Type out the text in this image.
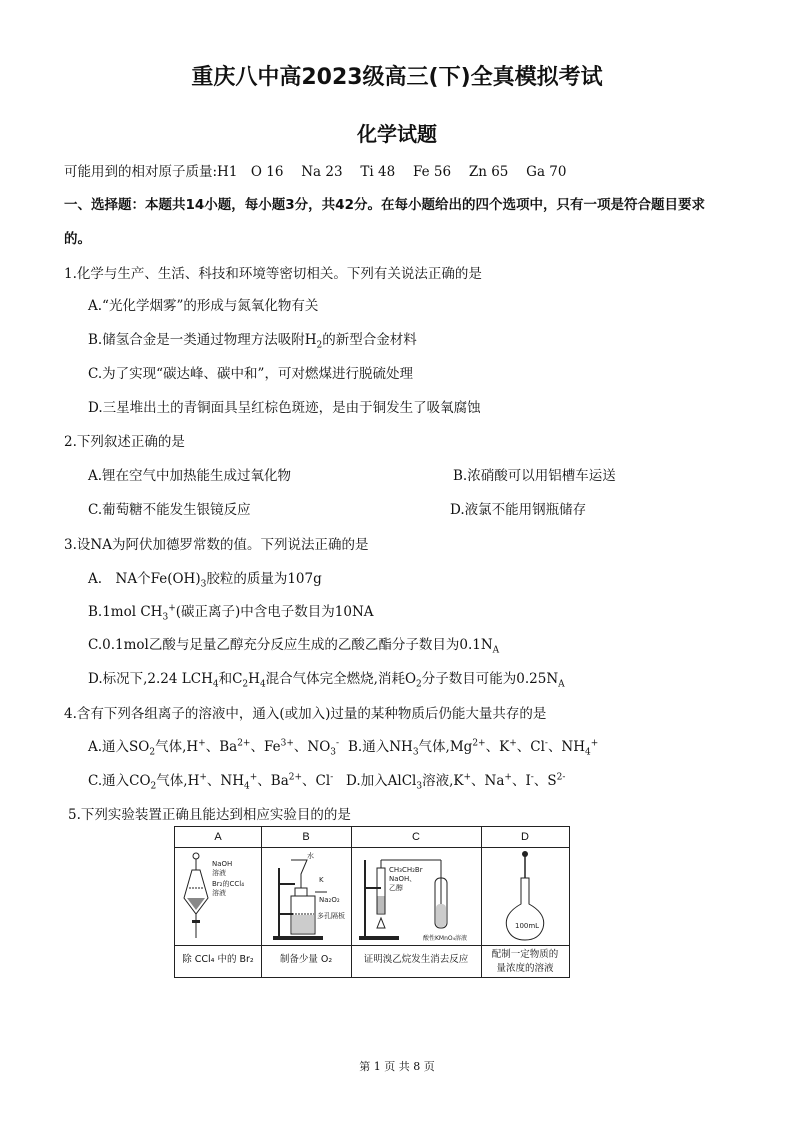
重庆八中高2023级高三(下)全真模拟考试
化学试题
可能用到的相对原子质量:H1　O 16　 Na 23　 Ti 48　 Fe 56　 Zn 65　 Ga 70
一、选择题：本题共14小题，每小题3分，共42分。在每小题给出的四个选项中，只有一项是符合题目要求
的。
1.化学与生产、生活、科技和环境等密切相关。下列有关说法正确的是
A.“光化学烟雾”的形成与氮氧化物有关
B.储氢合金是一类通过物理方法吸附$H_2$的新型合金材料
C.为了实现“碳达峰、碳中和”，可对燃煤进行脱硫处理
D.三星堆出土的青铜面具呈红棕色斑迹，是由于铜发生了吸氧腐蚀
2.下列叙述正确的是
A.锂在空气中加热能生成过氧化物	B.浓硝酸可以用铝槽车运送
C.葡萄糖不能发生银镜反应	D.液氯不能用钢瓶储存
3.设NA为阿伏加德罗常数的值。下列说法正确的是
A.　NA个$Fe(OH)_3$胶粒的质量为107g
B.1mol $CH_3^+$(碳正离子)中含电子数目为10NA
C.0.1mol乙酸与足量乙醇充分反应生成的乙酸乙酯分子数目为$0.1N_A$
D.标况下,2.24 $LCH_4$和$C_2H_4$混合气体完全燃烧,消耗$O_2$分子数目可能为$0.25N_A$
4.含有下列各组离子的溶液中，通入(或加入)过量的某种物质后仍能大量共存的是
A.通入$SO_2$气体,H+、$Ba^{2+}$、$Fe^{3+}$、$NO_3^-$ B.通入$NH_3$气体$,Mg^{2+}$、K+、Cl-、$NH_4^+$
C.通入$CO_2$气体,H+、$NH_4^+$、$Ba^{2+}$、Cl- D.加入AlCl$_3$溶液,K+、Na+、I-、$S^{2-}$
5.下列实验装置正确且能达到相应实验目的的是
A
NaOH
溶液
Br₂的CCl₄
溶液
除 CCl₄ 中的 Br₂
B
水
K
Na₂O₂
多孔隔板
制备少量 O₂
C
CH₃CH₂Br
NaOH、
乙醇
酸性KMnO₄溶液
证明溴乙烷发生消去反应
D
100mL
配制一定物质的
量浓度的溶液
第 1 页 共 8 页
